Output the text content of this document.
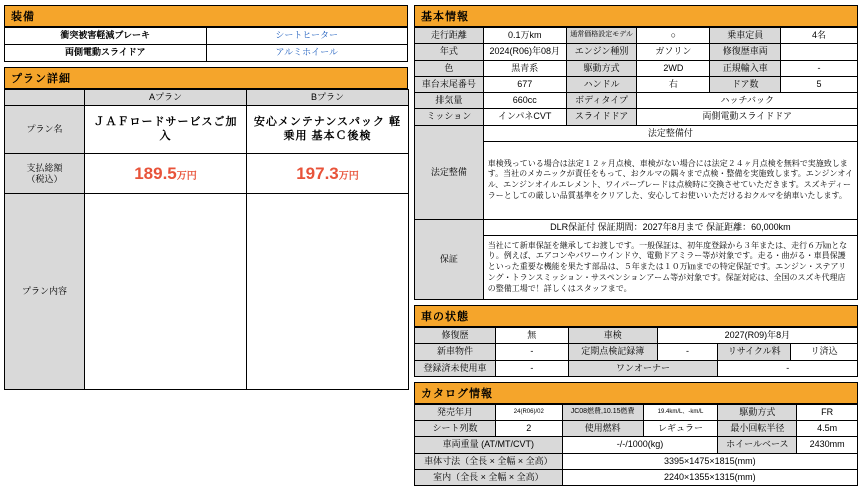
装備
衝突被害軽減ブレーキ	シートヒーター
両側電動スライドア	アルミホイール
プラン詳細
	Aプラン	Bプラン
プラン名	ＪＡＦロードサービスご加入	安心メンテナンスパック 軽乗用 基本Ｃ後検

支払総額
（税込）	189.5万円	197.3万円
プラン内容		
基本情報
走行距離	0.1万km	通常価格設定モデル	○	乗車定員	4名
年式	2024(R06)年08月	エンジン種別	ガソリン	修復歴車両	
色	黒青系	駆動方式	2WD	正規輸入車	-
車台末尾番号	677	ハンドル	右	ドア数	5
排気量	660cc	ボディタイプ	ハッチバック		
ミッション	インパネCVT	スライドドア	両側電動スライドドア		
法定整備	法定整備付				
	車検残っている場合は法定１２ヶ月点検、車検がない場合には法定２４ヶ月点検を無料で実施致します。当社のメカニックが責任をもって、おクルマの隅々まで点検・整備を実施致します。エンジンオイル、エンジンオイルエレメント、ワイパーブレードは点検時に交換させていただきます。スズキディーラーとしての厳しい品質基準をクリアした、安心してお使いいただけるおクルマを納車いたします。				
保証	DLR保証付 保証期間：2027年8月まで 保証距離：60,000km				
	当社にて新車保証を継承してお渡しです。一般保証は、初年度登録から３年または、走行６万㎞となり。例えば、エアコンやパワーウインドウ、電動ドアミラー等が対象です。走る・曲がる・車員保護といった重要な機能を果たす部品は、５年または１０万㎞までの特定保証です。エンジン・ステアリング・トランスミッション・サスペンションアーム等が対象です。保証対応は、全国のスズキ代理店の整備工場で！詳しくはスタッフまで。				
車の状態
修復歴	無	車検	2027(R09)年8月		
新車物件	-	定期点検記録簿	-	リサイクル料	リ済込
登録済未使用車	-	ワンオーナー		-	
カタログ情報
発売年月	24(R06)/02	JC08燃費,10.15燃費	19.4km/L、-km/L	駆動方式	FR
シート列数	2	使用燃料	レギュラー	最小回転半径	4.5m
車両重量 (AT/MT/CVT)		-/-/1000(kg)		ホイールベース	2430mm
車体寸法（全長 × 全幅 × 全高）		3395×1475×1815(mm)			
室内（全長 × 全幅 × 全高）		2240×1355×1315(mm)			
